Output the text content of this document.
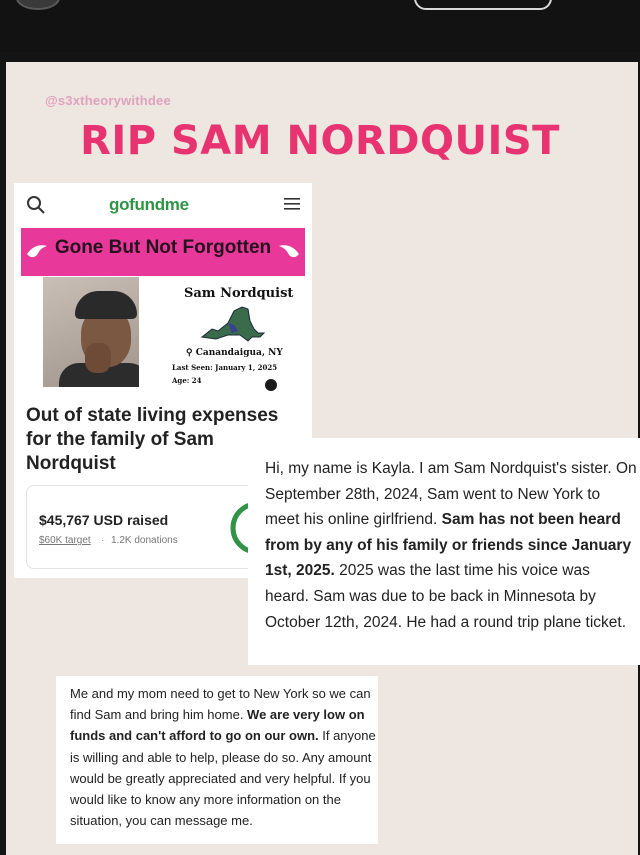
@s3xtheorywithdee
RIP SAM NORDQUIST
gofundme
Gone But Not Forgotten
Sam Nordquist
⚲ Canandaigua, NY
Last Seen: January 1, 2025
Age: 24
Out of state living expenses for the family of Sam Nordquist
$45,767 USD raised
$60K target · 1.2K donations
Hi, my name is Kayla. I am Sam Nordquist's sister. On September 28th, 2024, Sam went to New York to meet his online girlfriend. Sam has not been heard from by any of his family or friends since January 1st, 2025. 2025 was the last time his voice was heard. Sam was due to be back in Minnesota by October 12th, 2024. He had a round trip plane ticket.
Me and my mom need to get to New York so we can find Sam and bring him home. We are very low on funds and can't afford to go on our own. If anyone is willing and able to help, please do so. Any amount would be greatly appreciated and very helpful. If you would like to know any more information on the situation, you can message me.
